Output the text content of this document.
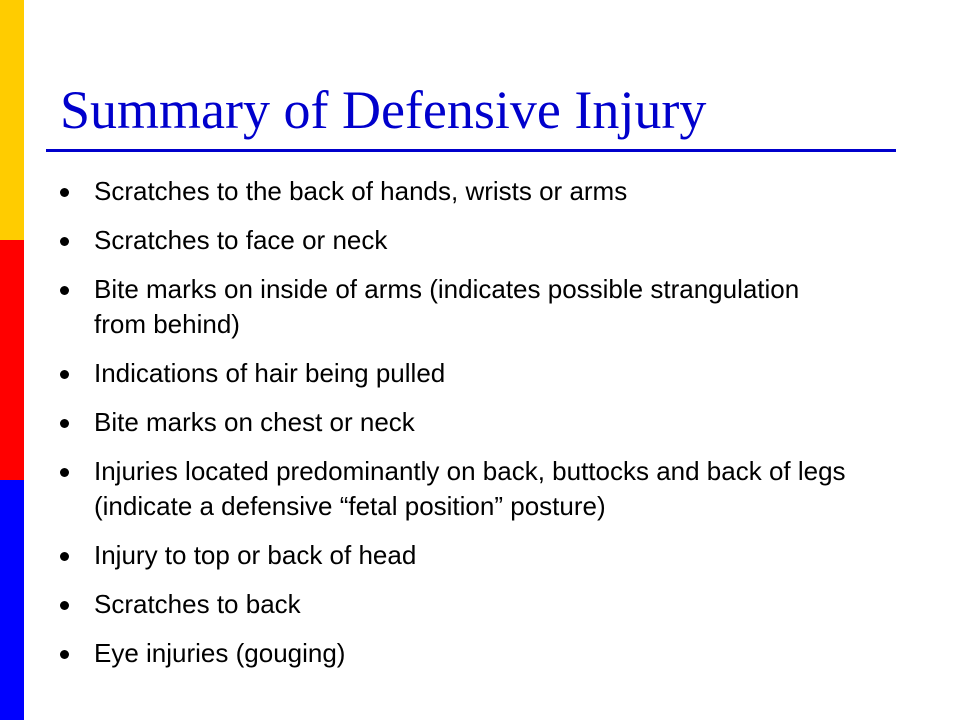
Summary of Defensive Injury
Scratches to the back of hands, wrists or arms
Scratches to face or neck
Bite marks on inside of arms (indicates possible strangulation from behind)
Indications of hair being pulled
Bite marks on chest or neck
Injuries located predominantly on back, buttocks and back of legs (indicate a defensive “fetal position” posture)
Injury to top or back of head
Scratches to back
Eye injuries (gouging)
